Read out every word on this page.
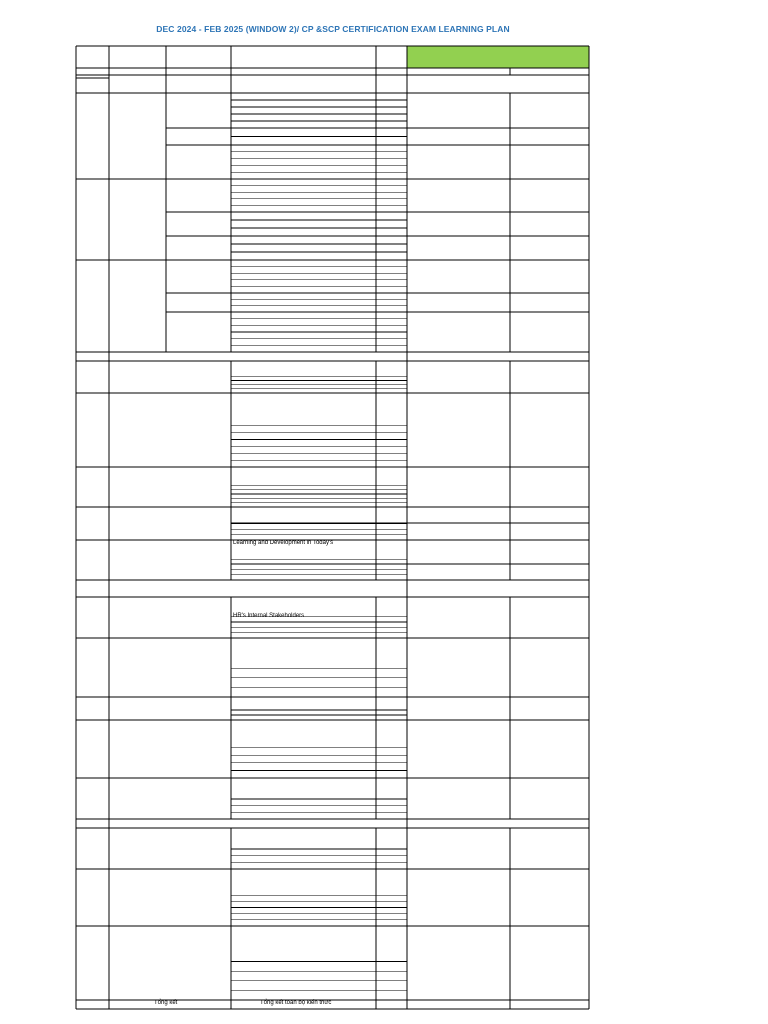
DEC 2024 - FEB 2025 (WINDOW 2)/ CP &SCP CERTIFICATION EXAM LEARNING PLAN
Learning and Development in Today's
HR's Internal Stakeholders
Tổng kết	Tổng kết toàn bộ kiến thức
